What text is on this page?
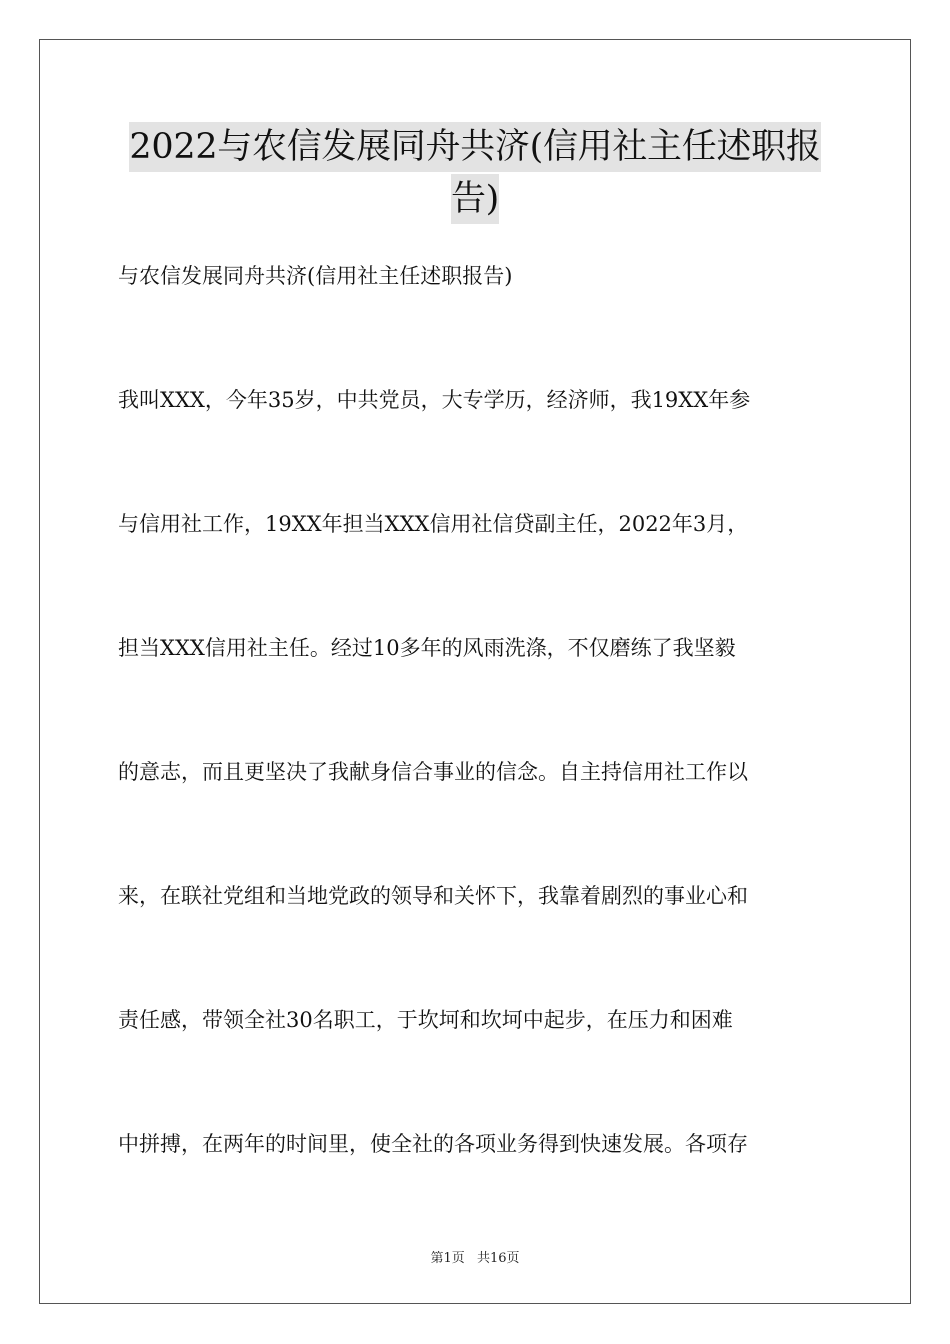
2022与农信发展同舟共济(信用社主任述职报
告)
与农信发展同舟共济(信用社主任述职报告)
我叫XXX，今年35岁，中共党员，大专学历，经济师，我19XX年参
与信用社工作，19XX年担当XXX信用社信贷副主任，2022年3月，
担当XXX信用社主任。经过10多年的风雨洗涤，不仅磨练了我坚毅
的意志，而且更坚决了我献身信合事业的信念。自主持信用社工作以
来，在联社党组和当地党政的领导和关怀下，我靠着剧烈的事业心和
责任感，带领全社30名职工，于坎坷和坎坷中起步，在压力和困难
中拼搏，在两年的时间里，使全社的各项业务得到快速发展。各项存
第1页 共16页
